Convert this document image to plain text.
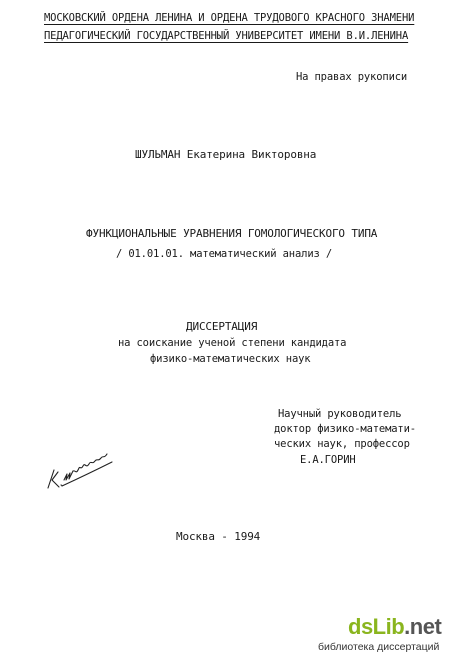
МОСКОВСКИЙ ОРДЕНА ЛЕНИНА И ОРДЕНА ТРУДОВОГО КРАСНОГО ЗНАМЕНИ
ПЕДАГОГИЧЕСКИЙ ГОСУДАРСТВЕННЫЙ УНИВЕРСИТЕТ ИМЕНИ В.И.ЛЕНИНА
На правах рукописи
ШУЛЬМАН Екатерина Викторовна
ФУНКЦИОНАЛЬНЫЕ УРАВНЕНИЯ ГОМОЛОГИЧЕСКОГО ТИПА
/ 01.01.01. математический анализ /
ДИССЕРТАЦИЯ
на соискание ученой степени кандидата
физико-математических наук
Научный руководитель
доктор физико-математи-
ческих наук, профессор
Е.А.ГОРИН
Москва - 1994
dsLib.net
библиотека диссертаций
